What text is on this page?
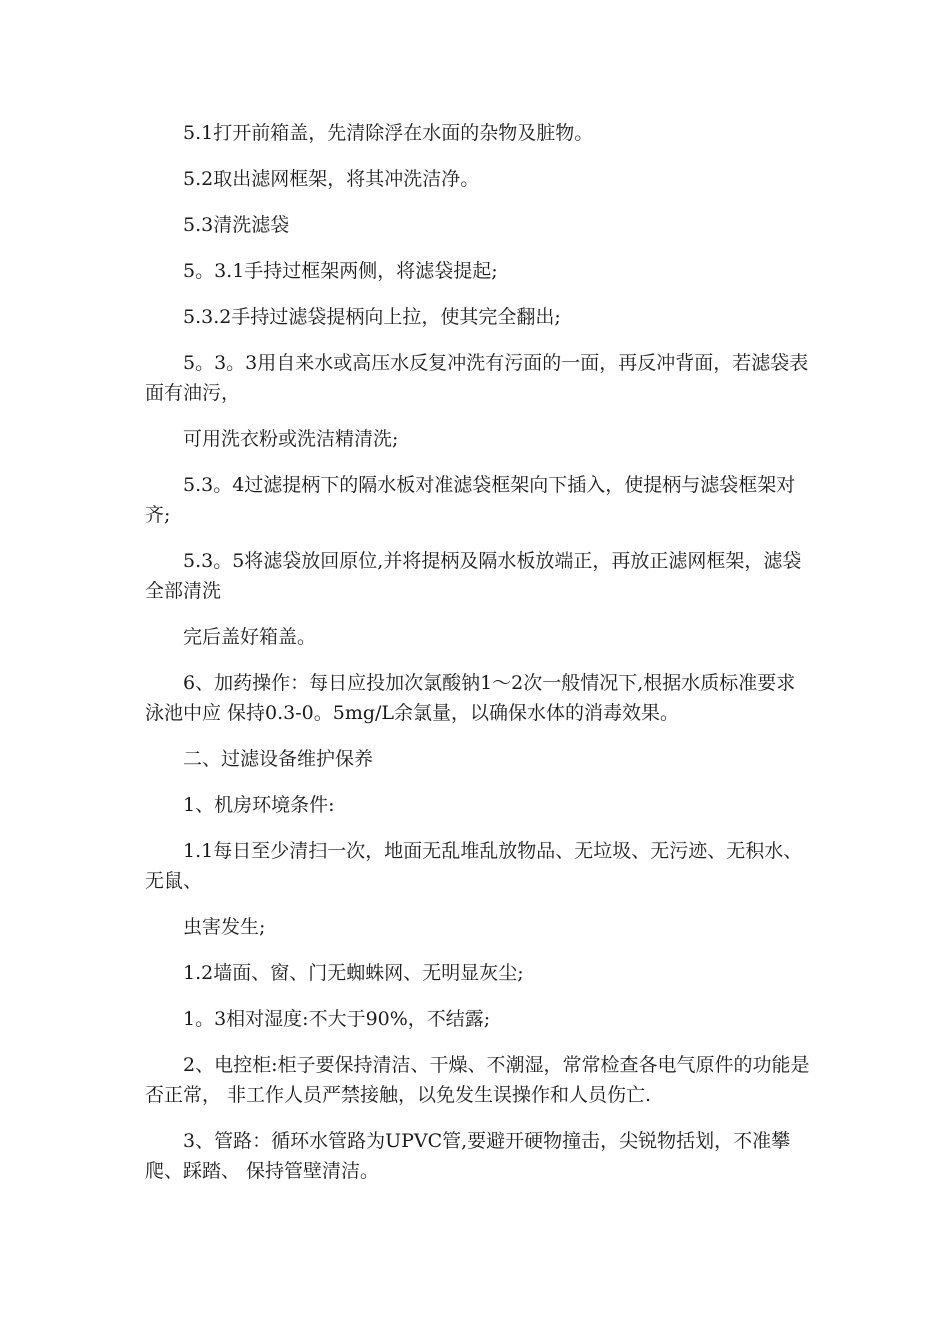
5.1打开前箱盖，先清除浮在水面的杂物及脏物。

5.2取出滤网框架，将其冲洗洁净。

5.3清洗滤袋

5。3.1手持过框架两侧，将滤袋提起;

5.3.2手持过滤袋提柄向上拉，使其完全翻出;

5。3。3用自来水或高压水反复冲洗有污面的一面，再反冲背面，若滤袋表面有油污，

可用洗衣粉或洗洁精清洗;

5.3。4过滤提柄下的隔水板对准滤袋框架向下插入，使提柄与滤袋框架对齐;

5.3。5将滤袋放回原位,并将提柄及隔水板放端正，再放正滤网框架，滤袋全部清洗

完后盖好箱盖。

6、加药操作：每日应投加次氯酸钠1～2次一般情况下,根据水质标准要求泳池中应 保持0.3-0。5mg/L余氯量，以确保水体的消毒效果。

二、过滤设备维护保养

1、机房环境条件:

1.1每日至少清扫一次，地面无乱堆乱放物品、无垃圾、无污迹、无积水、无鼠、

虫害发生;

1.2墙面、窗、门无蜘蛛网、无明显灰尘;

1。3相对湿度:不大于90%，不结露;

2、电控柜:柜子要保持清洁、干燥、不潮湿，常常检查各电气原件的功能是否正常， 非工作人员严禁接触，以免发生误操作和人员伤亡.

3、管路：循环水管路为UPVC管,要避开硬物撞击，尖锐物括划，不准攀爬、踩踏、 保持管壁清洁。
